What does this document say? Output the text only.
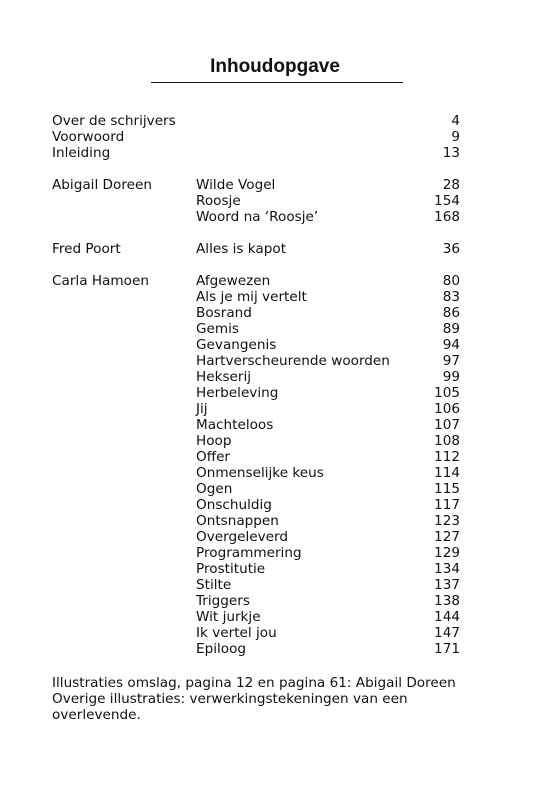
Inhoudopgave
Over de schrijvers	4
Voorwoord	9
Inleiding	13
Abigail Doreen	Wilde Vogel	28
Roosje	154
Woord na ‘Roosje’	168
Fred Poort	Alles is kapot	36
Carla Hamoen	Afgewezen	80
Als je mij vertelt	83
Bosrand	86
Gemis	89
Gevangenis	94
Hartverscheurende woorden	97
Hekserij	99
Herbeleving	105
Jij	106
Machteloos	107
Hoop	108
Offer	112
Onmenselijke keus	114
Ogen	115
Onschuldig	117
Ontsnappen	123
Overgeleverd	127
Programmering	129
Prostitutie	134
Stilte	137
Triggers	138
Wit jurkje	144
Ik vertel jou	147
Epiloog	171
Illustraties omslag, pagina 12 en pagina 61: Abigail Doreen
Overige illustraties: verwerkingstekeningen van een
overlevende.
